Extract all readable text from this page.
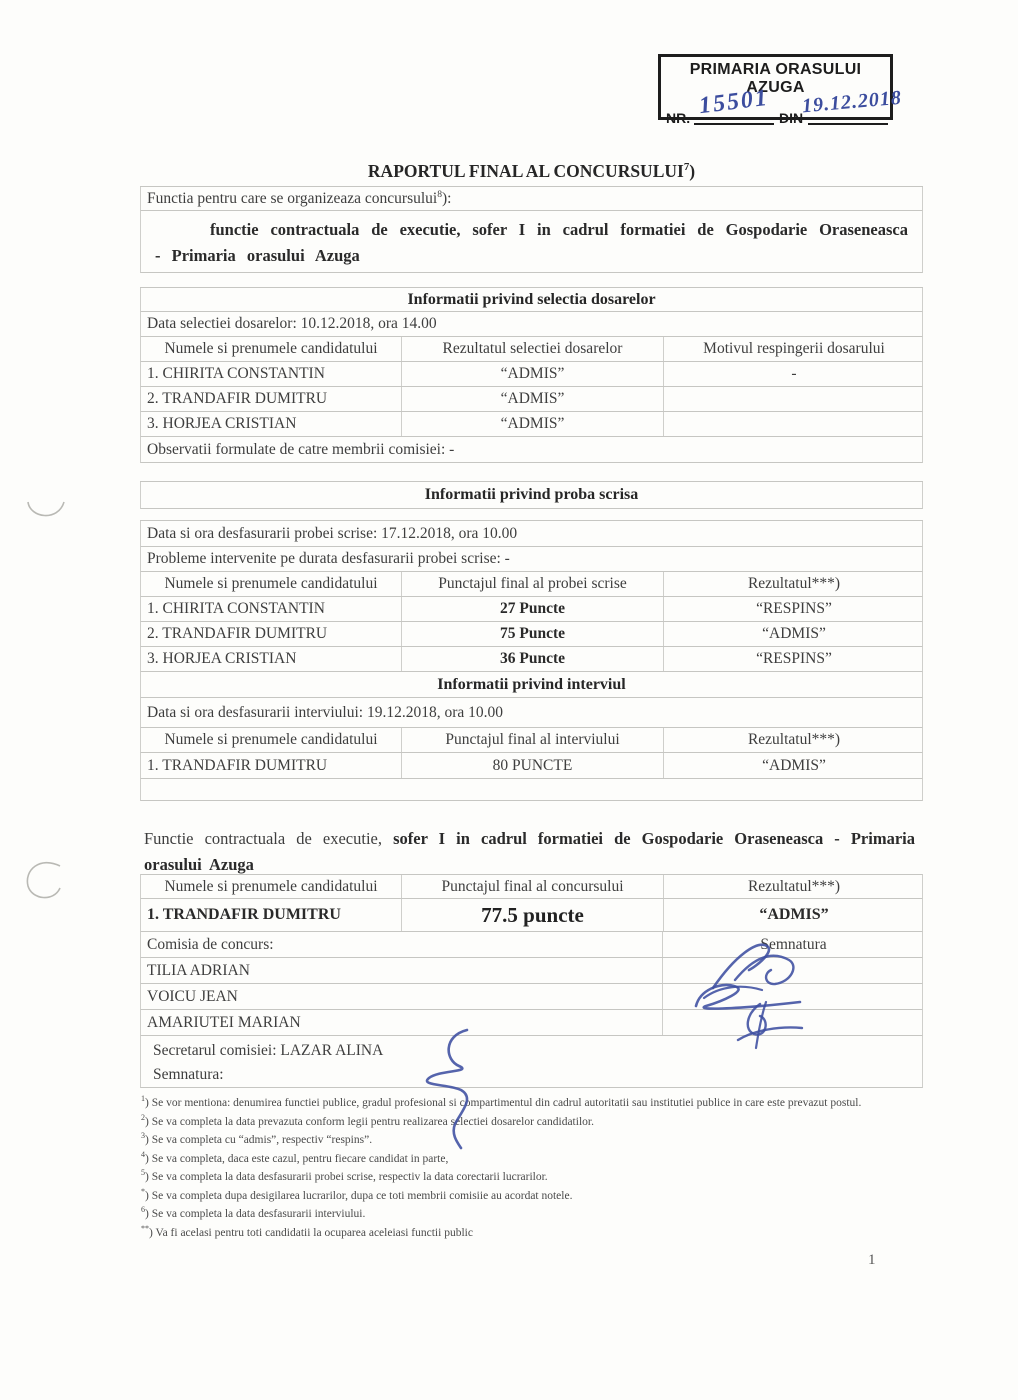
PRIMARIA ORASULUI AZUGA
NR. 15501 DIN
19.12.2018
RAPORTUL FINAL AL CONCURSULUI$^7$)
Functia pentru care se organizeaza concursului$^8$):
functie contractuala de executie, sofer I in cadrul formatiei de Gospodarie Oraseneasca - Primaria orasului Azuga
Informatii privind selectia dosarelor
Data selectiei dosarelor: 10.12.2018, ora 14.00
Numele si prenumele candidatului	Rezultatul selectiei dosarelor	Motivul respingerii dosarului
1. CHIRITA CONSTANTIN	“ADMIS”	-
2. TRANDAFIR DUMITRU	“ADMIS”
3. HORJEA CRISTIAN	“ADMIS”
Observatii formulate de catre membrii comisiei: -
Informatii privind proba scrisa
Data si ora desfasurarii probei scrise: 17.12.2018, ora 10.00
Probleme intervenite pe durata desfasurarii probei scrise: -
Numele si prenumele candidatului	Punctajul final al probei scrise	Rezultatul***)
1. CHIRITA CONSTANTIN	27 Puncte	“RESPINS”
2. TRANDAFIR DUMITRU	75 Puncte	“ADMIS”
3. HORJEA CRISTIAN	36 Puncte	“RESPINS”
Informatii privind interviul
Data si ora desfasurarii interviului: 19.12.2018, ora 10.00
Numele si prenumele candidatului	Punctajul final al interviului	Rezultatul***)
1. TRANDAFIR DUMITRU	80 PUNCTE	“ADMIS”
Functie contractuala de executie, sofer I in cadrul formatiei de Gospodarie Oraseneasca - Primaria orasului Azuga
Numele si prenumele candidatului	Punctajul final al concursului	Rezultatul***)
1. TRANDAFIR DUMITRU	77.5 puncte	“ADMIS”
Comisia de concurs:	Semnatura
TILIA ADRIAN
VOICU JEAN
AMARIUTEI MARIAN
Secretarul comisiei: LAZAR ALINA
Semnatura:
$^1$) Se vor mentiona: denumirea functiei publice, gradul profesional si compartimentul din cadrul autoritatii sau institutiei publice in care este prevazut postul.
$^2$) Se va completa la data prevazuta conform legii pentru realizarea selectiei dosarelor candidatilor.
$^3$) Se va completa cu “admis”, respectiv “respins”.
$^4$) Se va completa, daca este cazul, pentru fiecare candidat in parte,
$^5$) Se va completa la data desfasurarii probei scrise, respectiv la data corectarii lucrarilor.
*) Se va completa dupa desigilarea lucrarilor, dupa ce toti membrii comisiie au acordat notele.
$^6$) Se va completa la data desfasurarii interviului.
**) Va fi acelasi pentru toti candidatii la ocuparea aceleiasi functii public
1
